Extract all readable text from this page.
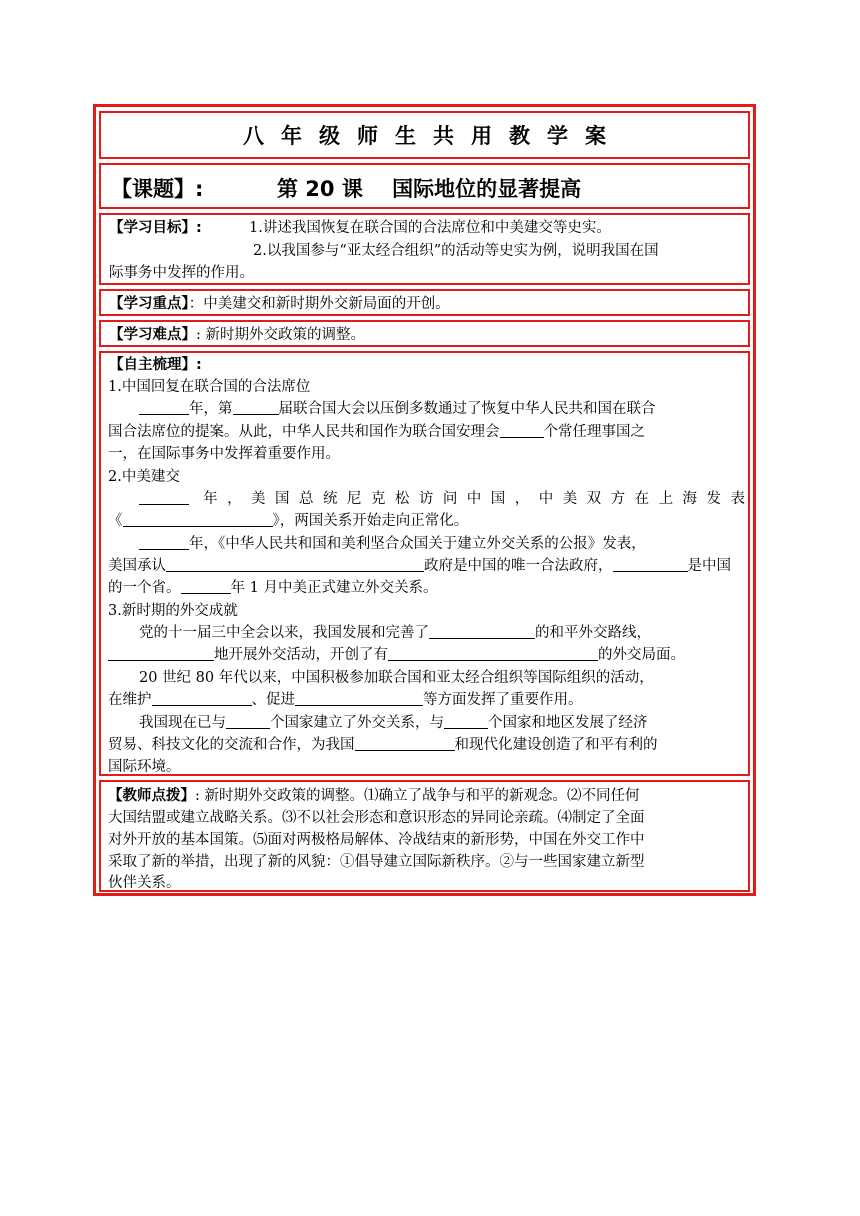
八年级师生共用教学案
【课题】:	第 20 课    国际地位的显著提高
【学习目标】:	1.讲述我国恢复在联合国的合法席位和中美建交等史实。
2.以我国参与“亚太经合组织”的活动等史实为例，说明我国在国
际事务中发挥的作用。
【学习重点】：中美建交和新时期外交新局面的开创。
【学习难点】: 新时期外交政策的调整。
【自主梳理】:
1.中国回复在联合国的合法席位
年，第	届联合国大会以压倒多数通过了恢复中华人民共和国在联合
国合法席位的提案。从此，中华人民共和国作为联合国安理会	个常任理事国之
一，在国际事务中发挥着重要作用。
2.中美建交
年，美国总统尼克松访问中国，中美双方在上海发表
《	》，两国关系开始走向正常化。
年，《中华人民共和国和美利坚合众国关于建立外交关系的公报》发表，
美国承认	政府是中国的唯一合法政府，	是中国
的一个省。	年 1 月中美正式建立外交关系。
3.新时期的外交成就
党的十一届三中全会以来，我国发展和完善了	的和平外交路线，
地开展外交活动，开创了有	的外交局面。
20 世纪 80 年代以来，中国积极参加联合国和亚太经合组织等国际组织的活动，
在维护	、促进	等方面发挥了重要作用。
我国现在已与	个国家建立了外交关系，与	个国家和地区发展了经济
贸易、科技文化的交流和合作，为我国	和现代化建设创造了和平有利的
国际环境。
【教师点拨】: 新时期外交政策的调整。⑴确立了战争与和平的新观念。⑵不同任何
大国结盟或建立战略关系。⑶不以社会形态和意识形态的异同论亲疏。⑷制定了全面
对外开放的基本国策。⑸面对两极格局解体、冷战结束的新形势，中国在外交工作中
采取了新的举措，出现了新的风貌：①倡导建立国际新秩序。②与一些国家建立新型
伙伴关系。
